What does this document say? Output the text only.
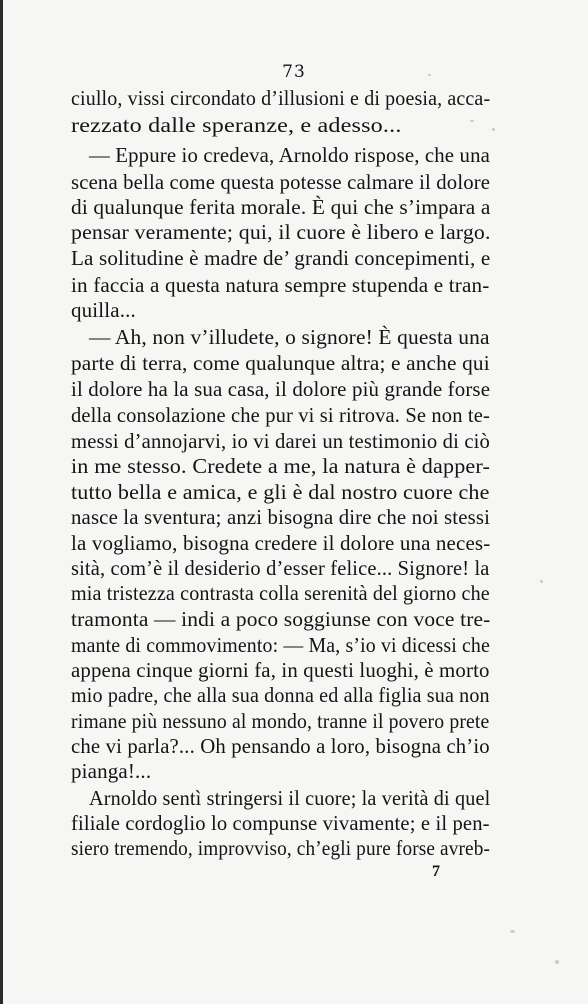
73
ciullo, vissi circondato d’illusioni e di poesia, acca-
rezzato dalle speranze, e adesso...
— Eppure io credeva, Arnoldo rispose, che una
scena bella come questa potesse calmare il dolore
di qualunque ferita morale. È qui che s’impara a
pensar veramente; qui, il cuore è libero e largo.
La solitudine è madre de’ grandi concepimenti, e
in faccia a questa natura sempre stupenda e tran-
quilla...
— Ah, non v’illudete, o signore! È questa una
parte di terra, come qualunque altra; e anche qui
il dolore ha la sua casa, il dolore più grande forse
della consolazione che pur vi si ritrova. Se non te-
messi d’annojarvi, io vi darei un testimonio di ciò
in me stesso. Credete a me, la natura è dapper-
tutto bella e amica, e gli è dal nostro cuore che
nasce la sventura; anzi bisogna dire che noi stessi
la vogliamo, bisogna credere il dolore una neces-
sità, com’è il desiderio d’esser felice... Signore! la
mia tristezza contrasta colla serenità del giorno che
tramonta — indi a poco soggiunse con voce tre-
mante di commovimento: — Ma, s’io vi dicessi che
appena cinque giorni fa, in questi luoghi, è morto
mio padre, che alla sua donna ed alla figlia sua non
rimane più nessuno al mondo, tranne il povero prete
che vi parla?... Oh pensando a loro, bisogna ch’io
pianga!...
Arnoldo sentì stringersi il cuore; la verità di quel
filiale cordoglio lo compunse vivamente; e il pen-
siero tremendo, improvviso, ch’egli pure forse avreb-
7
